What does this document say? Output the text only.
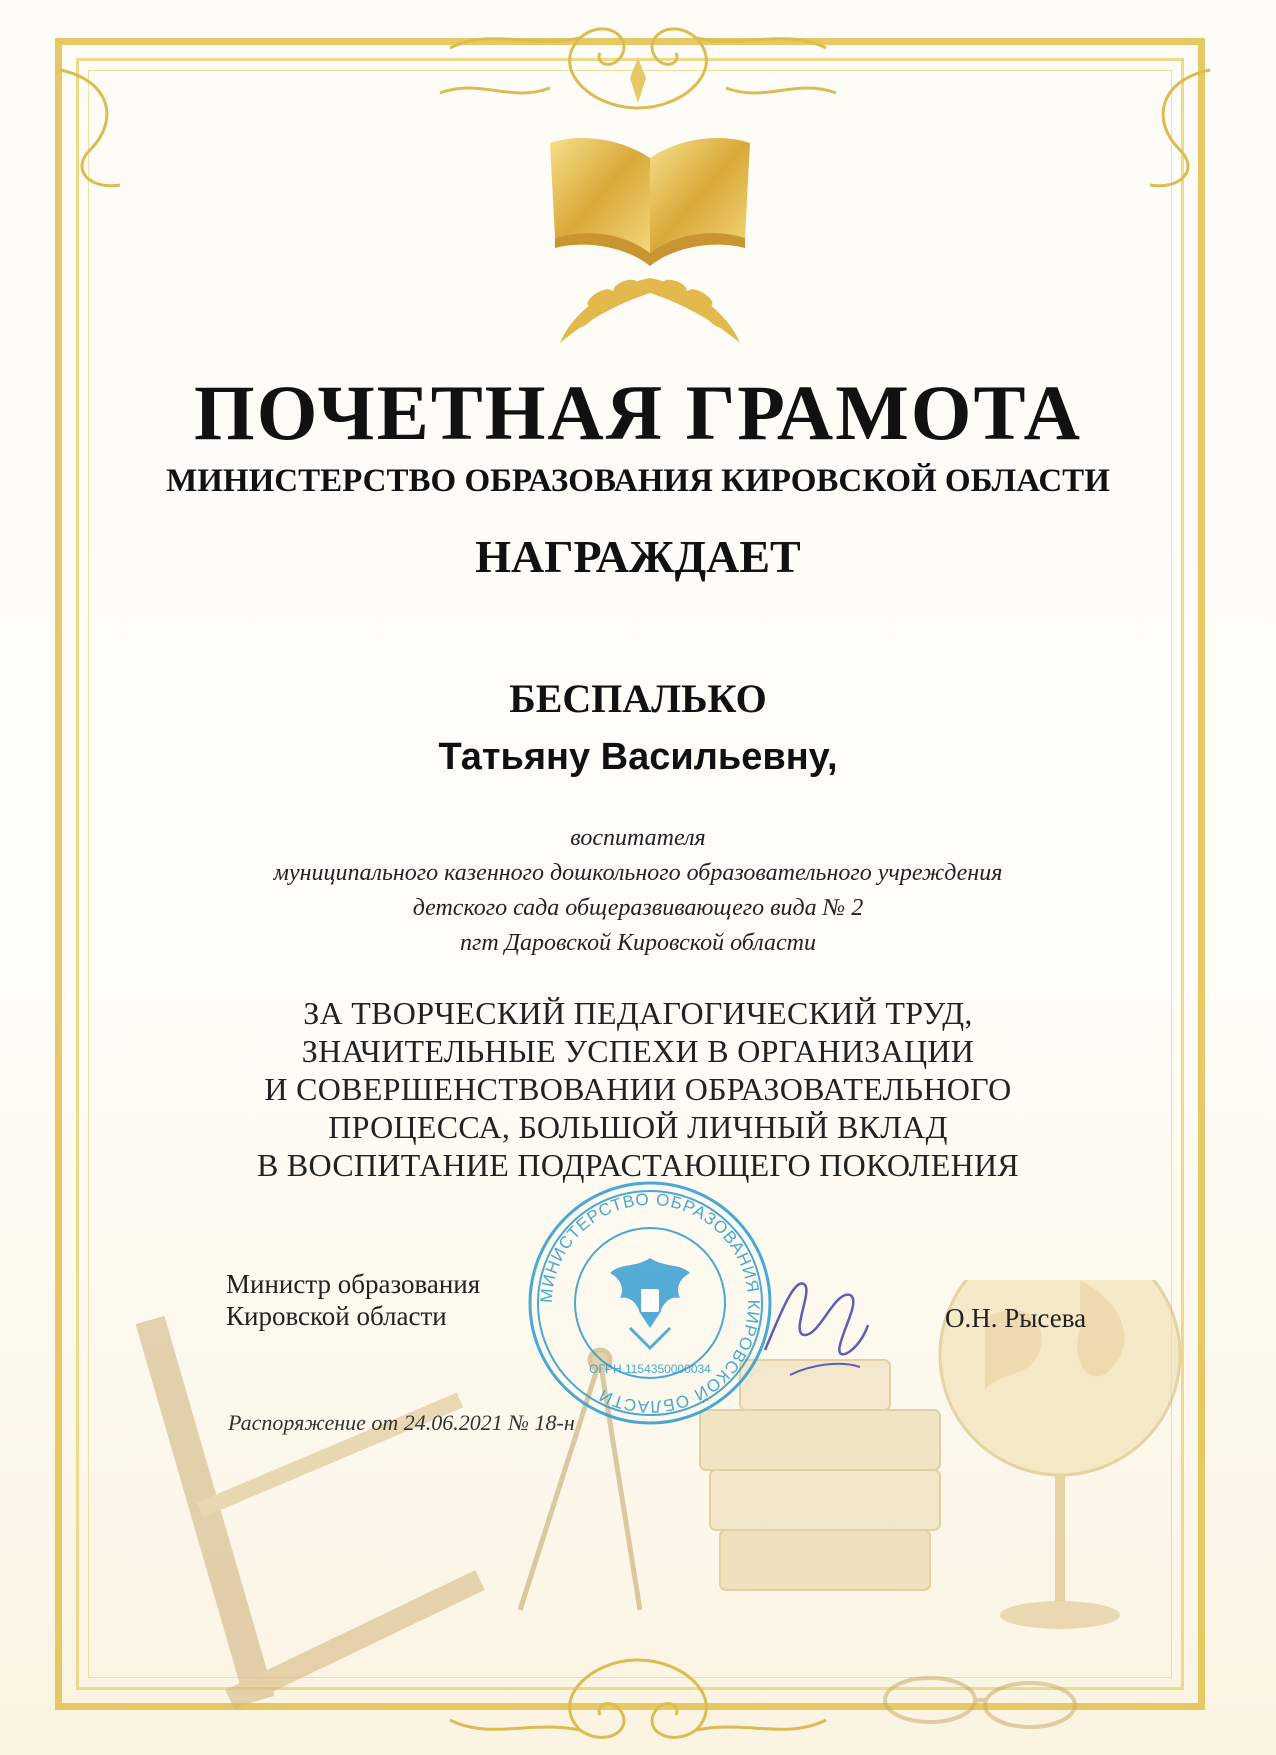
ПОЧЕТНАЯ ГРАМОТА
МИНИСТЕРСТВО ОБРАЗОВАНИЯ КИРОВСКОЙ ОБЛАСТИ
НАГРАЖДАЕТ
БЕСПАЛЬКО
Татьяну Васильевну,
воспитателя
муниципального казенного дошкольного образовательного учреждения
детского сада общеразвивающего вида № 2
пгт Даровской Кировской области
ЗА ТВОРЧЕСКИЙ ПЕДАГОГИЧЕСКИЙ ТРУД,
ЗНАЧИТЕЛЬНЫЕ УСПЕХИ В ОРГАНИЗАЦИИ
И СОВЕРШЕНСТВОВАНИИ ОБРАЗОВАТЕЛЬНОГО
ПРОЦЕССА, БОЛЬШОЙ ЛИЧНЫЙ ВКЛАД
В ВОСПИТАНИЕ ПОДРАСТАЮЩЕГО ПОКОЛЕНИЯ
МИНИСТЕРСТВО ОБРАЗОВАНИЯ КИРОВСКОЙ ОБЛАСТИ
ОГРН 1154350000034
Министр образования
Кировской области	О.Н. Рысева
Распоряжение от 24.06.2021 № 18-н
